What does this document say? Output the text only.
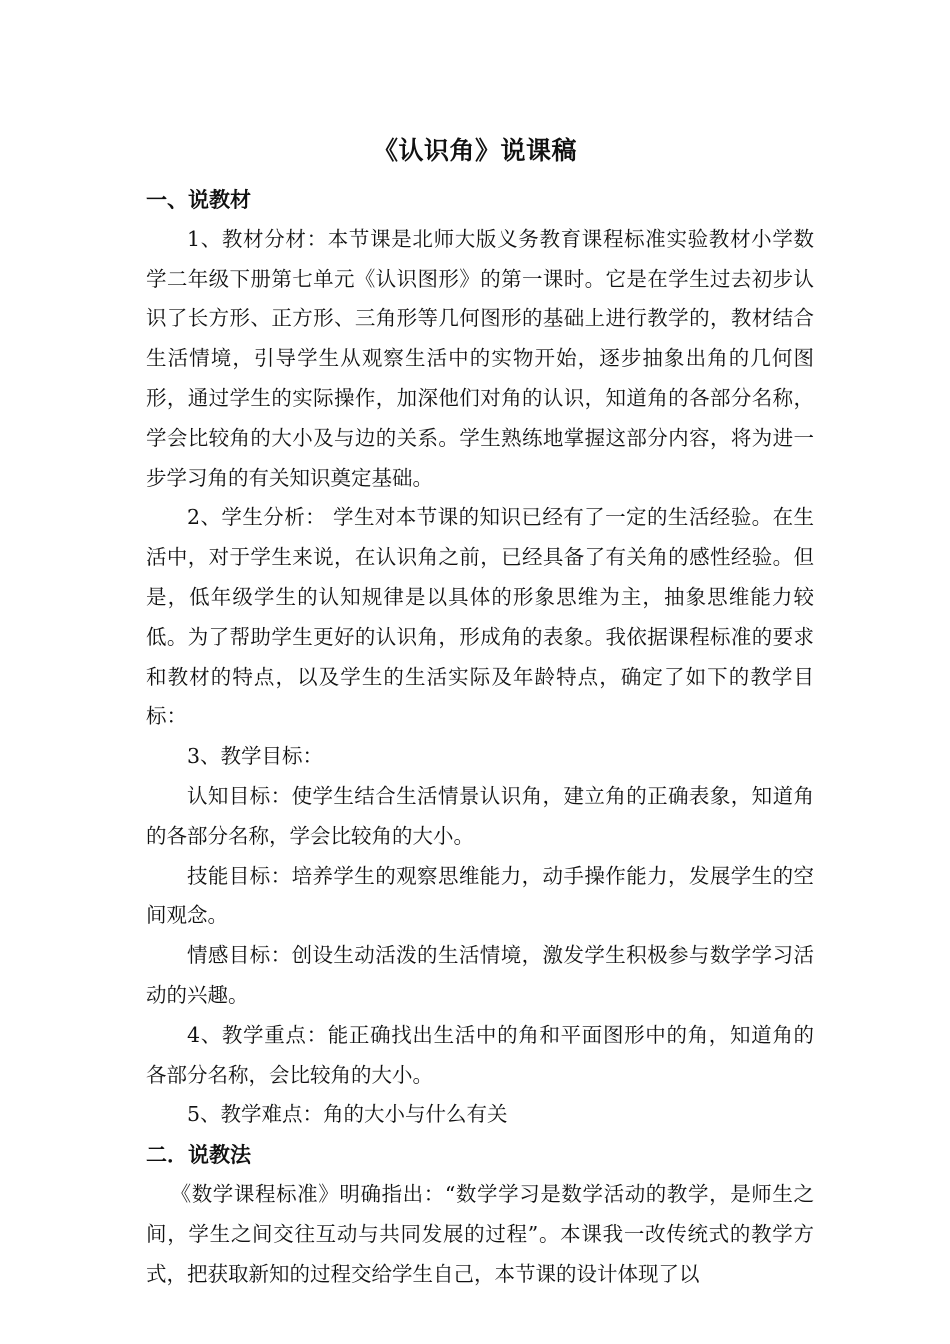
《认识角》说课稿

一、说教材

1、教材分材：本节课是北师大版义务教育课程标准实验教材小学数学二年级下册第七单元《认识图形》的第一课时。它是在学生过去初步认识了长方形、正方形、三角形等几何图形的基础上进行教学的，教材结合生活情境，引导学生从观察生活中的实物开始，逐步抽象出角的几何图形，通过学生的实际操作，加深他们对角的认识，知道角的各部分名称，学会比较角的大小及与边的关系。学生熟练地掌握这部分内容，将为进一步学习角的有关知识奠定基础。

2、学生分析： 学生对本节课的知识已经有了一定的生活经验。在生活中，对于学生来说，在认识角之前，已经具备了有关角的感性经验。但是，低年级学生的认知规律是以具体的形象思维为主，抽象思维能力较低。为了帮助学生更好的认识角，形成角的表象。我依据课程标准的要求和教材的特点，以及学生的生活实际及年龄特点，确定了如下的教学目标：

3、教学目标：

认知目标：使学生结合生活情景认识角，建立角的正确表象，知道角的各部分名称，学会比较角的大小。

技能目标：培养学生的观察思维能力，动手操作能力，发展学生的空间观念。

情感目标：创设生动活泼的生活情境，激发学生积极参与数学学习活动的兴趣。

4、教学重点：能正确找出生活中的角和平面图形中的角，知道角的各部分名称，会比较角的大小。

5、教学难点：角的大小与什么有关

二．说教法

《数学课程标准》明确指出：“数学学习是数学活动的教学，是师生之间，学生之间交往互动与共同发展的过程”。本课我一改传统式的教学方式，把获取新知的过程交给学生自己，本节课的设计体现了以
